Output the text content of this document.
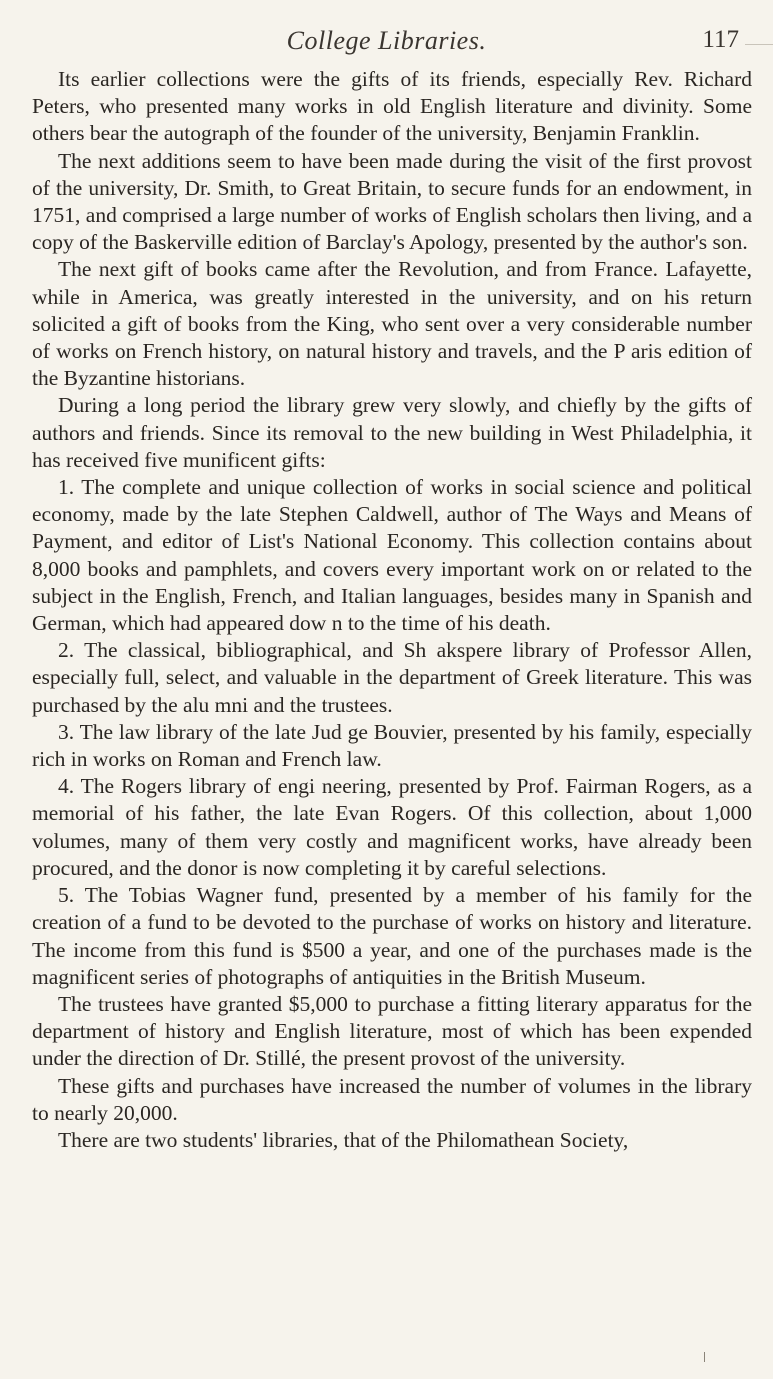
College Libraries.	117

Its earlier collections were the gifts of its friends, especially Rev. Richard Peters, who presented many works in old English literature and divinity. Some others bear the autograph of the founder of the university, Benjamin Franklin.

The next additions seem to have been made during the visit of the first provost of the university, Dr. Smith, to Great Britain, to secure funds for an endowment, in 1751, and comprised a large number of works of English scholars then living, and a copy of the Baskerville edition of Barclay's Apology, presented by the author's son.

The next gift of books came after the Revolution, and from France. Lafayette, while in America, was greatly interested in the university, and on his return solicited a gift of books from the King, who sent over a very considerable number of works on French history, on natural history and travels, and the P aris edition of the Byzantine historians.

During a long period the library grew very slowly, and chiefly by the gifts of authors and friends. Since its removal to the new building in West Philadelphia, it has received five munificent gifts:

1. The complete and unique collection of works in social science and political economy, made by the late Stephen Caldwell, author of The Ways and Means of Payment, and editor of List's National Economy. This collection contains about 8,000 books and pamphlets, and covers every important work on or related to the subject in the English, French, and Italian languages, besides many in Spanish and German, which had appeared dow n to the time of his death.

2. The classical, bibliographical, and Sh akspere library of Professor Allen, especially full, select, and valuable in the department of Greek literature. This was purchased by the alu mni and the trustees.

3. The law library of the late Jud ge Bouvier, presented by his family, especially rich in works on Roman and French law.

4. The Rogers library of engi neering, presented by Prof. Fairman Rogers, as a memorial of his father, the late Evan Rogers. Of this collection, about 1,000 volumes, many of them very costly and magnificent works, have already been procured, and the donor is now completing it by careful selections.

5. The Tobias Wagner fund, presented by a member of his family for the creation of a fund to be devoted to the purchase of works on history and literature. The income from this fund is $500 a year, and one of the purchases made is the magnificent series of photographs of antiquities in the British Museum.

The trustees have granted $5,000 to purchase a fitting literary apparatus for the department of history and English literature, most of which has been expended under the direction of Dr. Stillé, the present provost of the university.

These gifts and purchases have increased the number of volumes in the library to nearly 20,000.

There are two students' libraries, that of the Philomathean Society,
